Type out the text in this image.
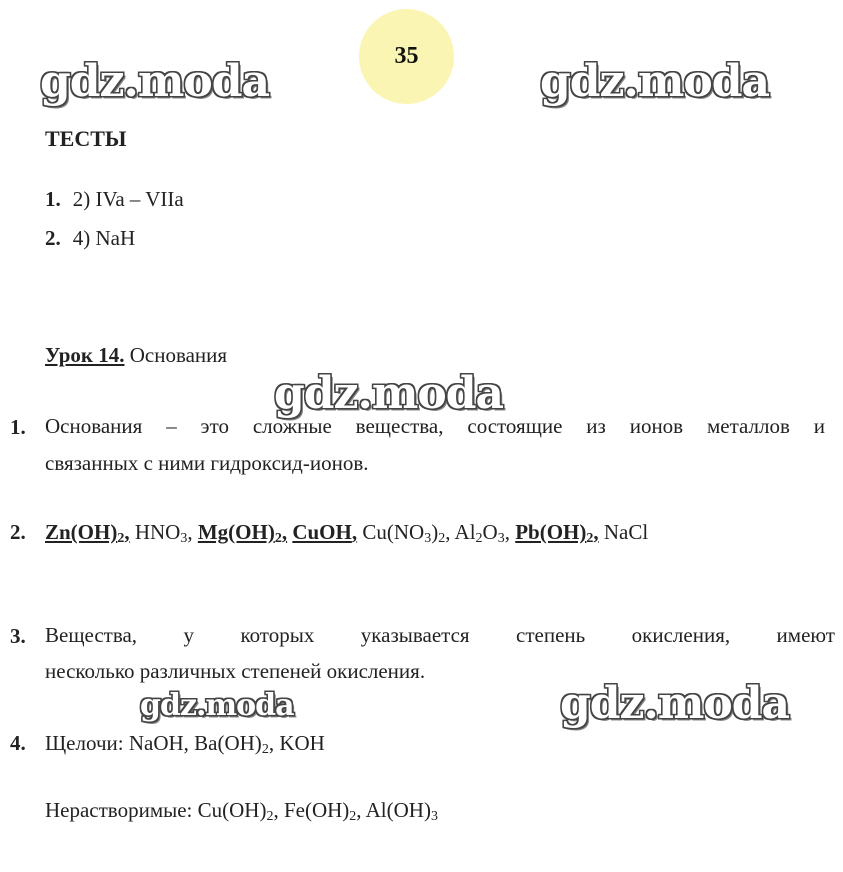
35
gdz.moda	gdz.moda
gdz.moda
gdz.moda	gdz.moda
ТЕСТЫ
1. 2) IVa – VIIa
2. 4) NaH
Урок 14. Основания
1. Основания – это сложные вещества, состоящие из ионов металлов и
связанных с ними гидроксид-ионов.
2. $Zn(OH)_2$, $HNO_3$, $Mg(OH)_2$, CuOH, $Cu(NO_3)_2$, $Al_2O_3$, $Pb(OH)_2$, NaCl
3. Вещества, у которых указывается степень окисления, имеют
несколько различных степеней окисления.
4. Щелочи: NaOH, $Ba(OH)_2$, KOH
Нерастворимые: $Cu(OH)_2$, $Fe(OH)_2$, $Al(OH)_3$
